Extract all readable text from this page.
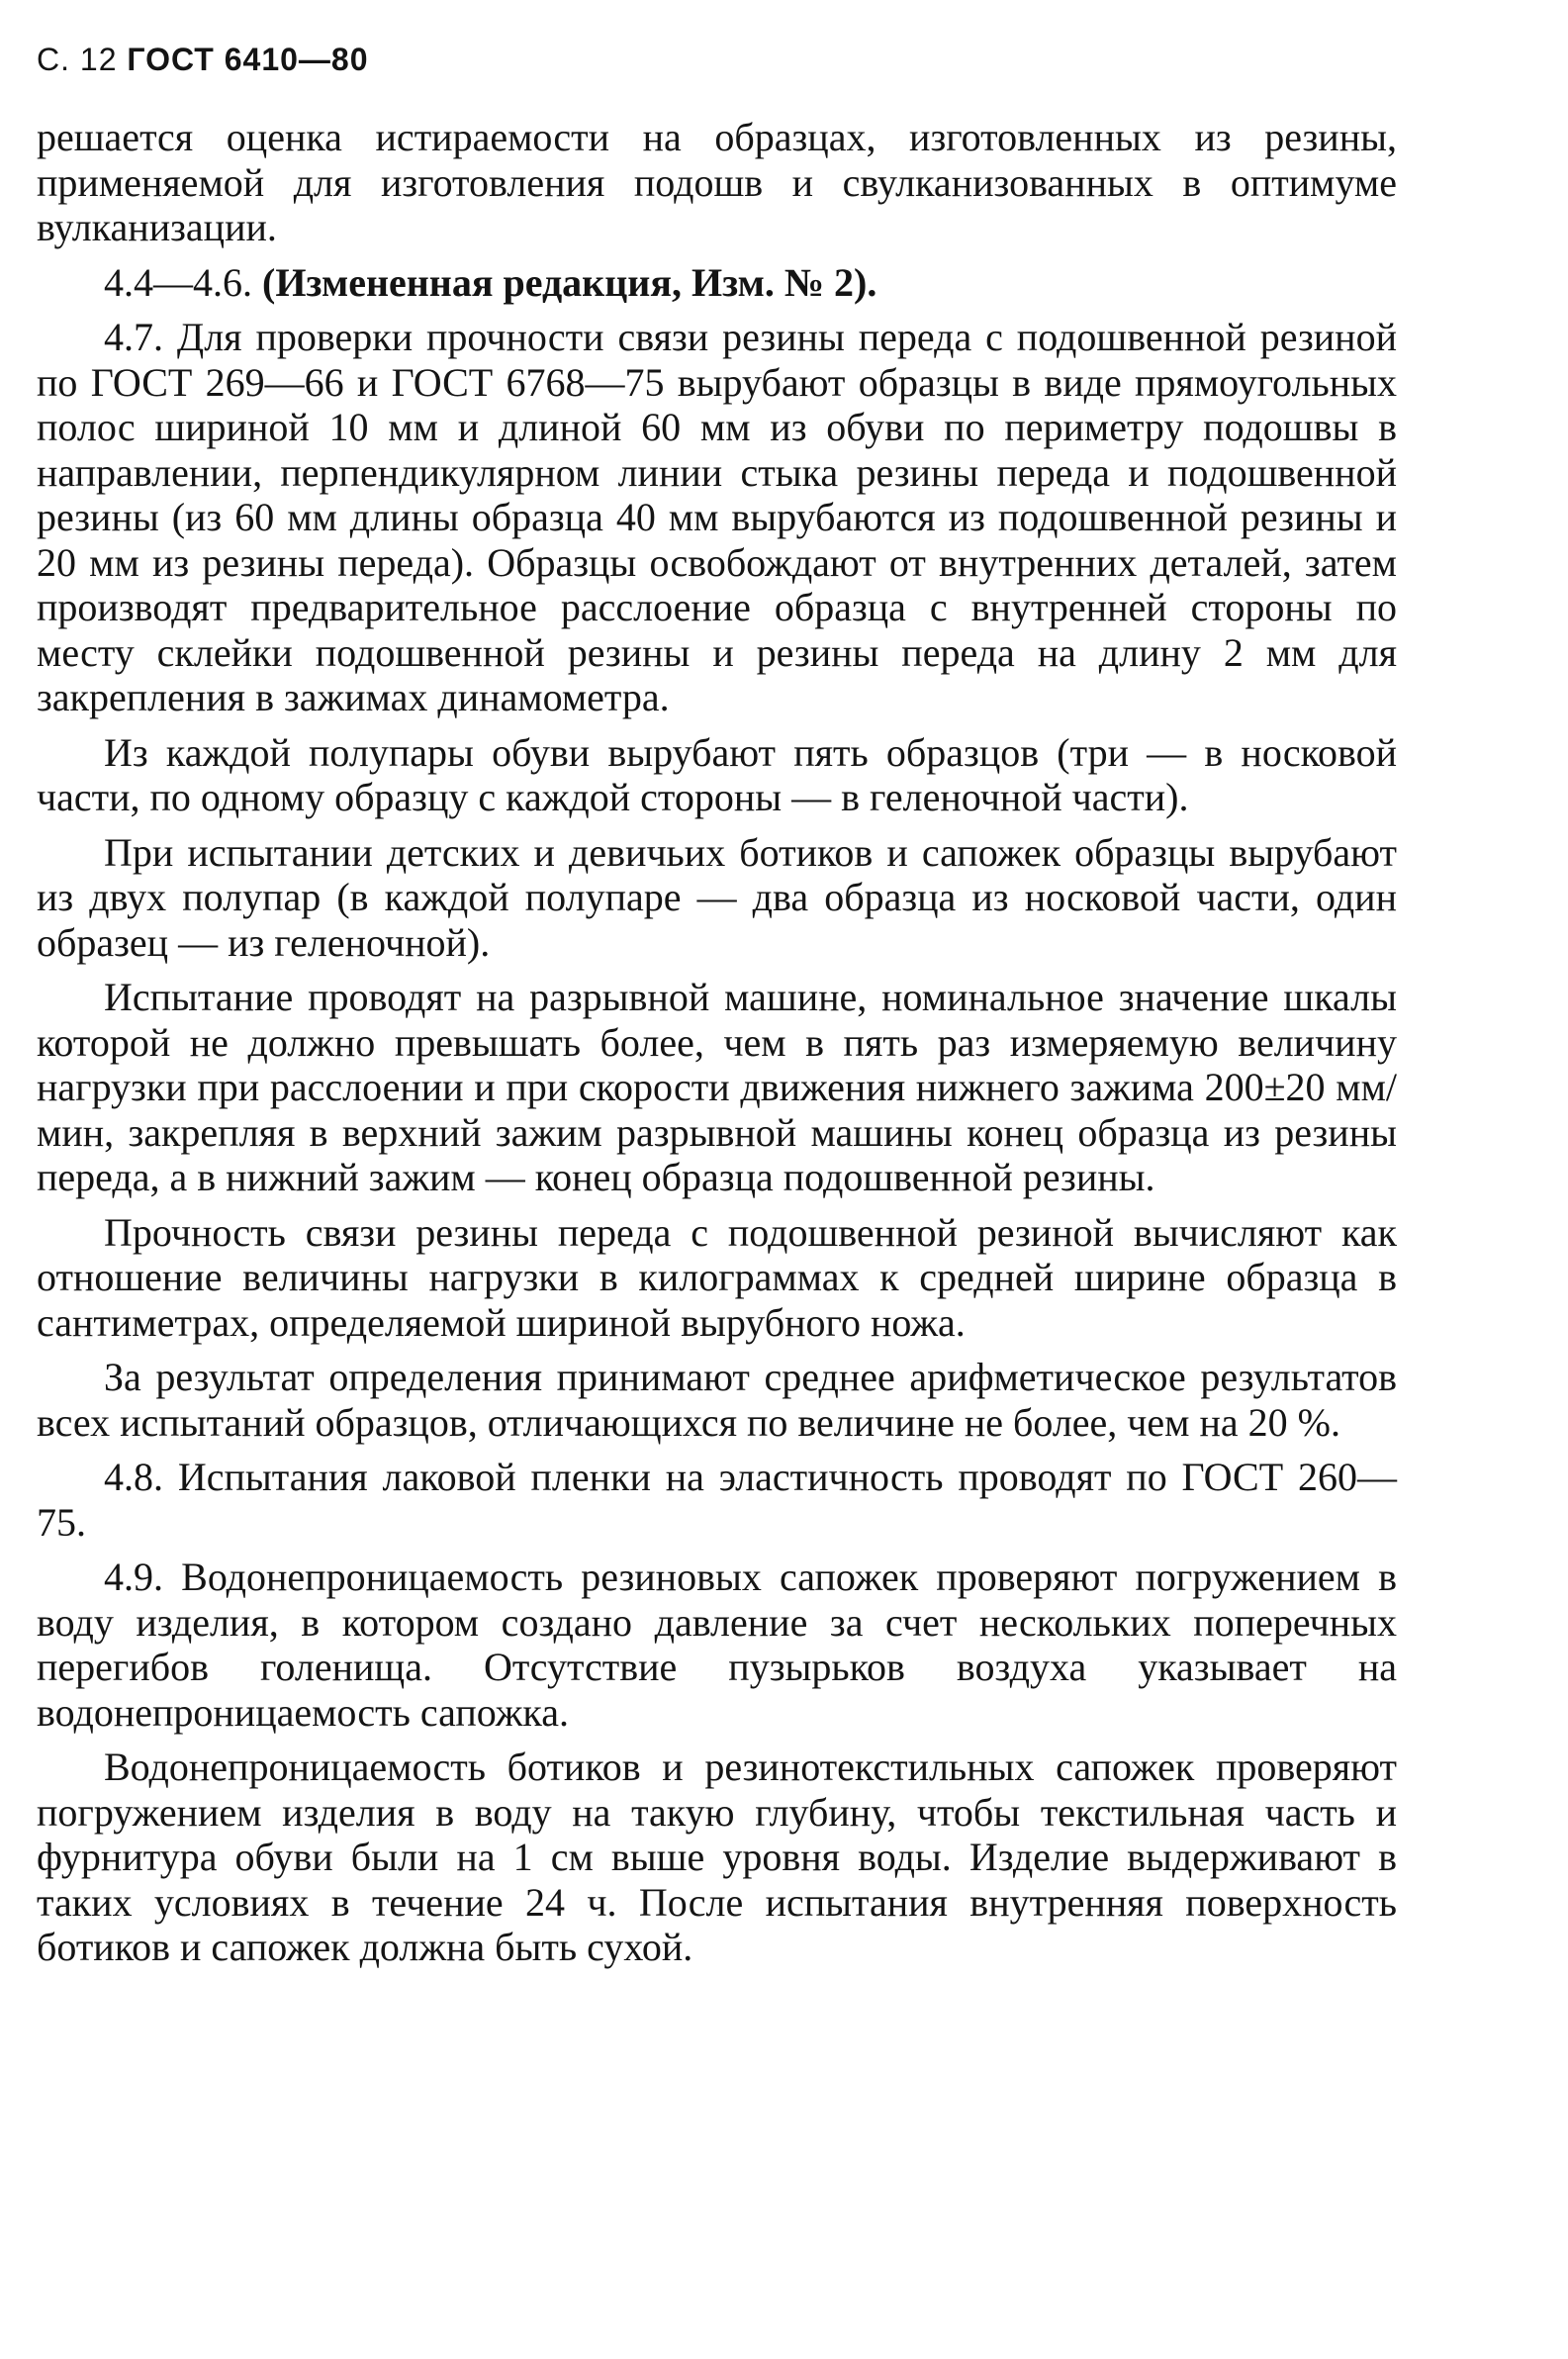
С. 12 ГОСТ 6410—80

решается оценка истираемости на образцах, изготовленных из резины, применяемой для изготовления подошв и свулканизованных в оптимуме вулканизации.

4.4—4.6. (Измененная редакция, Изм. № 2).

4.7. Для проверки прочности связи резины переда с подошвенной резиной по ГОСТ 269—66 и ГОСТ 6768—75 вырубают образцы в виде прямоугольных полос шириной 10 мм и длиной 60 мм из обуви по периметру подошвы в направлении, перпендикулярном линии стыка резины переда и подошвенной резины (из 60 мм длины образца 40 мм вырубаются из подошвенной резины и 20 мм из резины переда). Образцы освобождают от внутренних деталей, затем производят предварительное расслоение образца с внутренней стороны по месту склейки подошвенной резины и резины переда на длину 2 мм для закрепления в зажимах динамометра.

Из каждой полупары обуви вырубают пять образцов (три — в носковой части, по одному образцу с каждой стороны — в геленочной части).

При испытании детских и девичьих ботиков и сапожек образцы вырубают из двух полупар (в каждой полупаре — два образца из носковой части, один образец — из геленочной).

Испытание проводят на разрывной машине, номинальное значение шкалы которой не должно превышать более, чем в пять раз измеряемую величину нагрузки при расслоении и при скорости движения нижнего зажима 200±20 мм/мин, закрепляя в верхний зажим разрывной машины конец образца из резины переда, а в нижний зажим — конец образца подошвенной резины.

Прочность связи резины переда с подошвенной резиной вычисляют как отношение величины нагрузки в килограммах к средней ширине образца в сантиметрах, определяемой шириной вырубного ножа.

За результат определения принимают среднее арифметическое результатов всех испытаний образцов, отличающихся по величине не более, чем на 20 %.

4.8. Испытания лаковой пленки на эластичность проводят по ГОСТ 260—75.

4.9. Водонепроницаемость резиновых сапожек проверяют погружением в воду изделия, в котором создано давление за счет нескольких поперечных перегибов голенища. Отсутствие пузырьков воздуха указывает на водонепроницаемость сапожка.

Водонепроницаемость ботиков и резинотекстильных сапожек проверяют погружением изделия в воду на такую глубину, чтобы текстильная часть и фурнитура обуви были на 1 см выше уровня воды. Изделие выдерживают в таких условиях в течение 24 ч. После испытания внутренняя поверхность ботиков и сапожек должна быть сухой.
